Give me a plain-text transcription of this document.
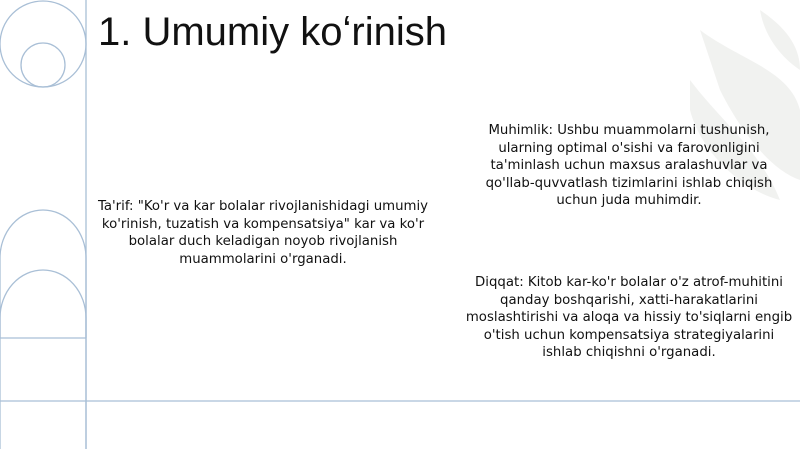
1. Umumiy koʻrinish

Ta'rif: "Ko'r va kar bolalar rivojlanishidagi umumiy ko'rinish, tuzatish va kompensatsiya" kar va ko'r bolalar duch keladigan noyob rivojlanish muammolarini o'rganadi.

Muhimlik: Ushbu muammolarni tushunish, ularning optimal o'sishi va farovonligini ta'minlash uchun maxsus aralashuvlar va qo'llab-quvvatlash tizimlarini ishlab chiqish uchun juda muhimdir.

Diqqat: Kitob kar-ko'r bolalar o'z atrof-muhitini qanday boshqarishi, xatti-harakatlarini moslashtirishi va aloqa va hissiy to'siqlarni engib o'tish uchun kompensatsiya strategiyalarini ishlab chiqishni o'rganadi.
